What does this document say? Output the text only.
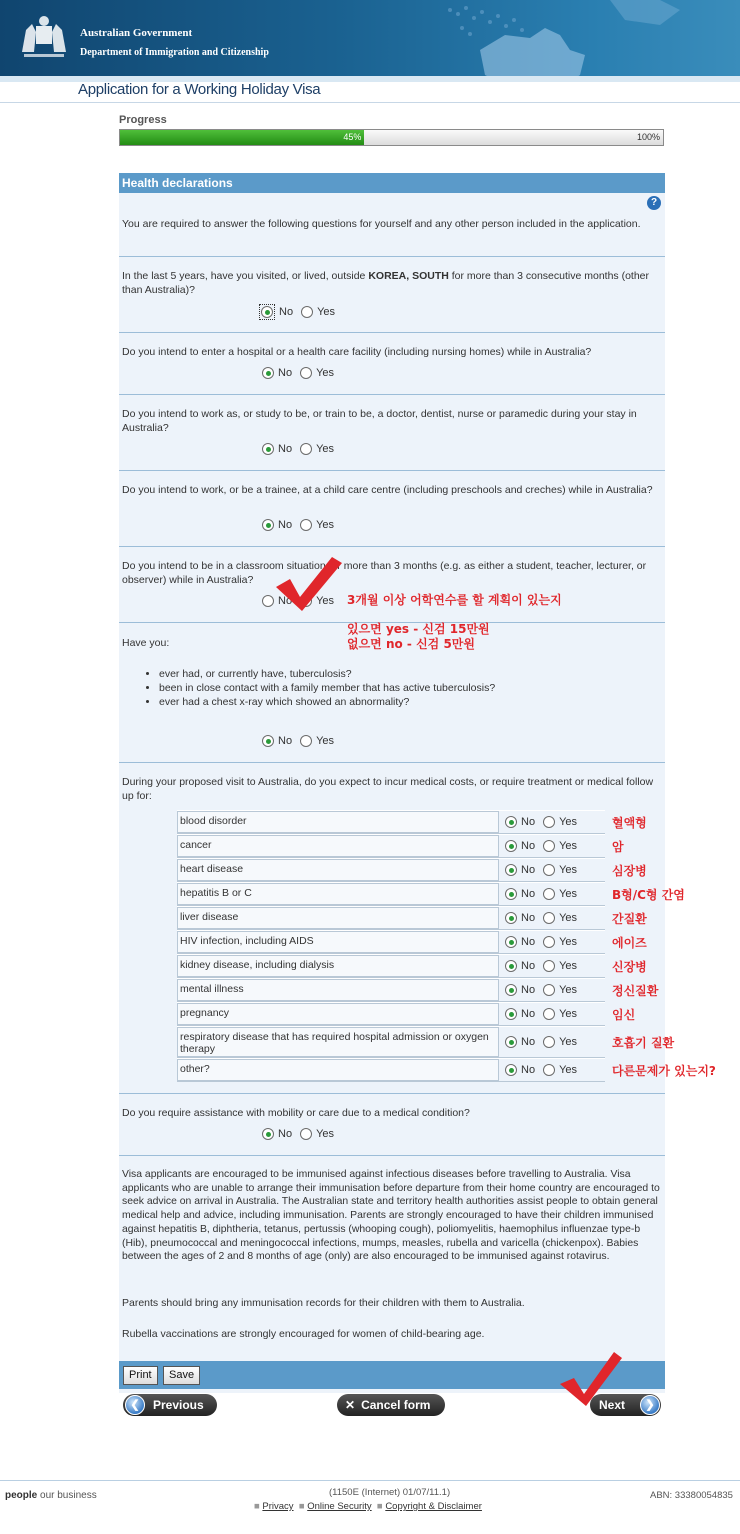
Australian Government
Department of Immigration and Citizenship
Application for a Working Holiday Visa
Progress
45%	100%
Health declarations
?
You are required to answer the following questions for yourself and any other person included in the application.
In the last 5 years, have you visited, or lived, outside KOREA, SOUTH for more than 3 consecutive months (other than Australia)?
No Yes
Do you intend to enter a hospital or a health care facility (including nursing homes) while in Australia?
No Yes
Do you intend to work as, or study to be, or train to be, a doctor, dentist, nurse or paramedic during your stay in Australia?
No Yes
Do you intend to work, or be a trainee, at a child care centre (including preschools and creches) while in Australia?
No Yes
Do you intend to be in a classroom situation for more than 3 months (e.g. as either a student, teacher, lecturer, or observer) while in Australia?
No Yes
Have you:
• ever had, or currently have, tuberculosis?
• been in close contact with a family member that has active tuberculosis?
• ever had a chest x-ray which showed an abnormality?
No Yes
During your proposed visit to Australia, do you expect to incur medical costs, or require treatment or medical follow up for:
blood disorder	No Yes
cancer	No Yes
heart disease	No Yes
hepatitis B or C	No Yes
liver disease	No Yes
HIV infection, including AIDS	No Yes
kidney disease, including dialysis	No Yes
mental illness	No Yes
pregnancy	No Yes
respiratory disease that has required hospital admission or oxygen therapy
No Yes
other?	No Yes
Do you require assistance with mobility or care due to a medical condition?
No Yes
Visa applicants are encouraged to be immunised against infectious diseases before travelling to Australia. Visa applicants who are unable to arrange their immunisation before departure from their home country are encouraged to seek advice on arrival in Australia. The Australian state and territory health authorities assist people to obtain general medical help and advice, including immunisation. Parents are strongly encouraged to have their children immunised against hepatitis B, diphtheria, tetanus, pertussis (whooping cough), poliomyelitis, haemophilus influenzae type-b (Hib), pneumococcal and meningococcal infections, mumps, measles, rubella and varicella (chickenpox). Babies between the ages of 2 and 8 months of age (only) are also encouraged to be immunised against rotavirus.
Parents should bring any immunisation records for their children with them to Australia.
Rubella vaccinations are strongly encouraged for women of child-bearing age.
Print	Save
❮	Previous	✕ Cancel form	Next	❯
3개월 이상 어학연수를 할 계획이 있는지
있으면 yes - 신검 15만원
없으면 no - 신검 5만원
혈액형
암
심장병
B형/C형 간염
간질환
에이즈
신장병
정신질환
임신
호흡기 질환
다른문제가 있는지?
people our business	(1150E (Internet) 01/07/11.1)
■ Privacy ■ Online Security ■ Copyright & Disclaimer
ABN: 33380054835
